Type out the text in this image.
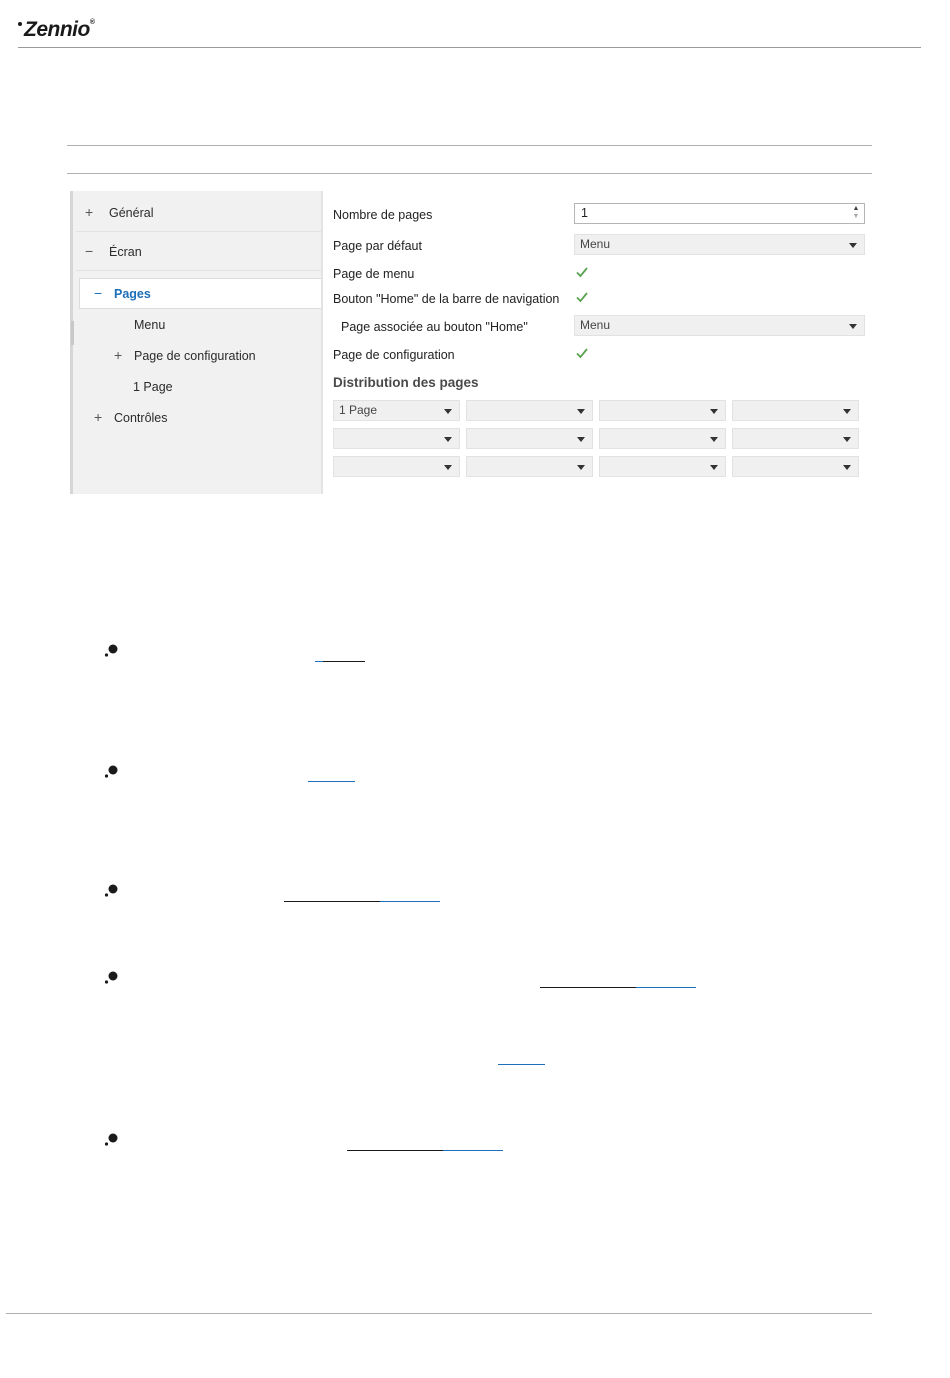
Zennio®
+ Général
− Écran
− Pages
Menu
+ Page de configuration
1 Page
+ Contrôles
Nombre de pages	1	▲
▼
Page par défaut	Menu
Page de menu
Bouton "Home" de la barre de navigation
Page associée au bouton "Home"	Menu
Page de configuration
Distribution des pages
1 Page
